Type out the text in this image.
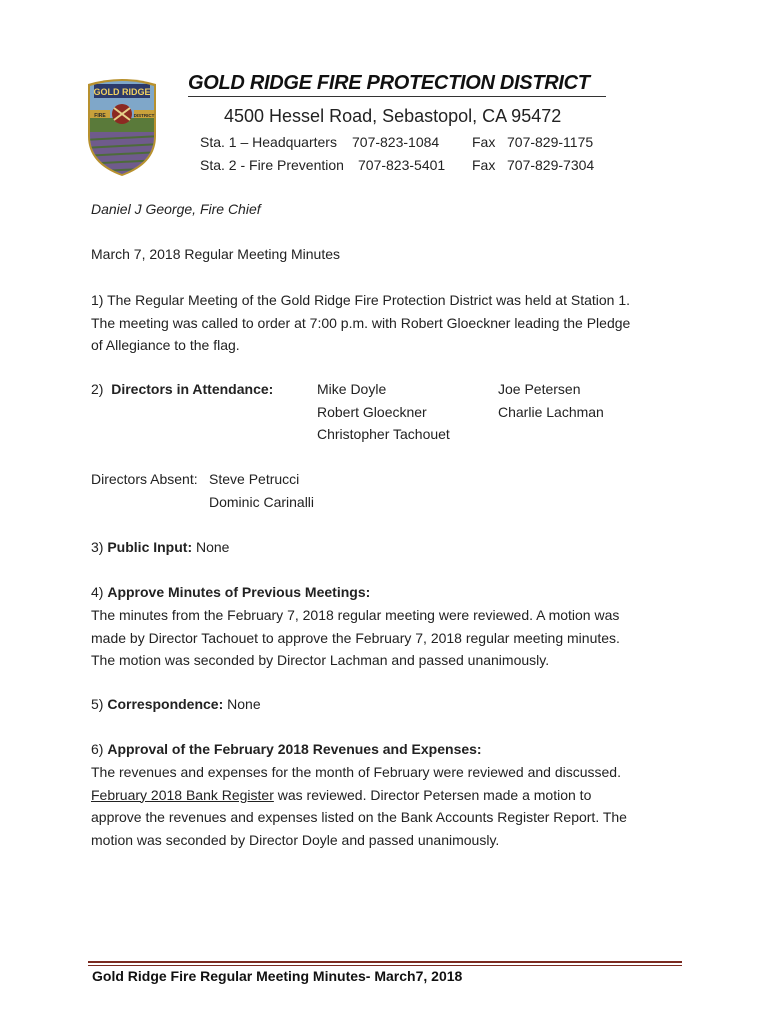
GOLD RIDGE
FIRE	DISTRICT
GOLD RIDGE FIRE PROTECTION DISTRICT
4500 Hessel Road, Sebastopol, CA 95472
Sta. 1 – Headquarters 707-823-1084 Fax 707-829-1175
Sta. 2 - Fire Prevention 707-823-5401 Fax 707-829-7304
Daniel J George, Fire Chief
March 7, 2018 Regular Meeting Minutes
1) The Regular Meeting of the Gold Ridge Fire Protection District was held at Station 1.
The meeting was called to order at 7:00 p.m. with Robert Gloeckner leading the Pledge
of Allegiance to the flag.
2) Directors in Attendance:	Mike Doyle
Robert Gloeckner
Christopher Tachouet
Joe Petersen
Charlie Lachman
Directors Absent: Steve Petrucci
Dominic Carinalli
3) Public Input: None
4) Approve Minutes of Previous Meetings:
The minutes from the February 7, 2018 regular meeting were reviewed. A motion was
made by Director Tachouet to approve the February 7, 2018 regular meeting minutes.
The motion was seconded by Director Lachman and passed unanimously.
5) Correspondence: None
6) Approval of the February 2018 Revenues and Expenses:
The revenues and expenses for the month of February were reviewed and discussed.
February 2018 Bank Register was reviewed. Director Petersen made a motion to
approve the revenues and expenses listed on the Bank Accounts Register Report. The
motion was seconded by Director Doyle and passed unanimously.
Gold Ridge Fire Regular Meeting Minutes- March7, 2018
